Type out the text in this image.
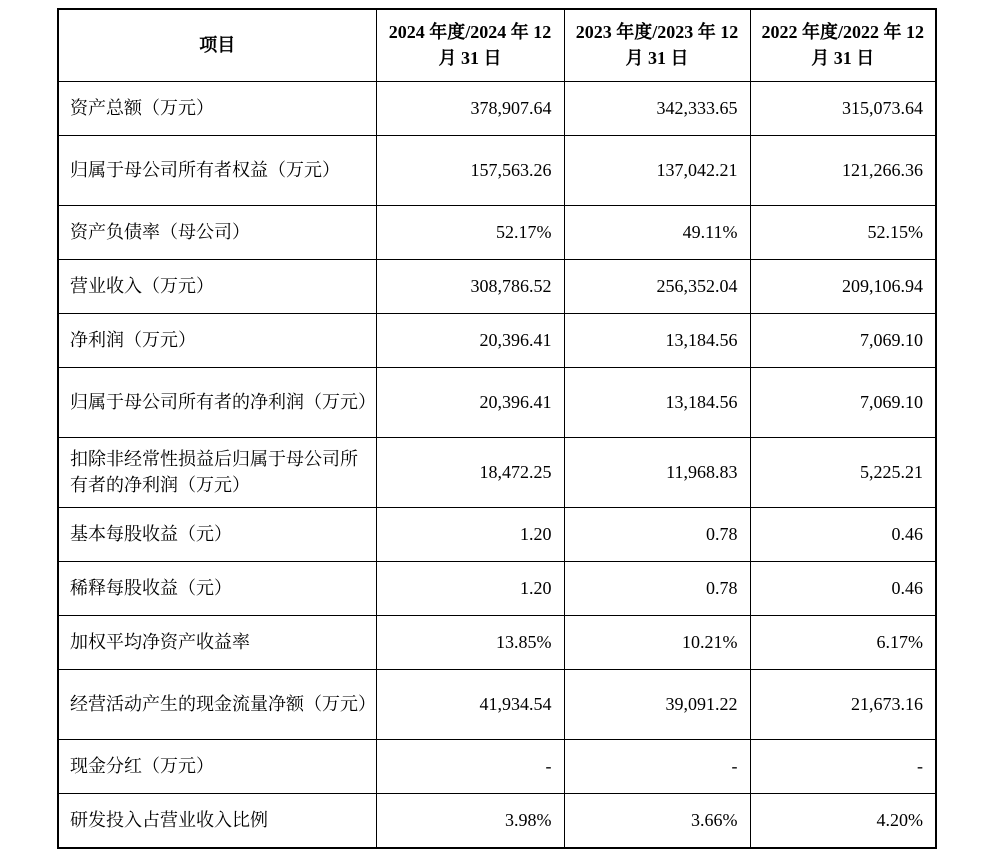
项目	2024 年度/2024 年 12 月 31 日	2023 年度/2023 年 12 月 31 日	2022 年度/2022 年 12 月 31 日
资产总额（万元）	378,907.64	342,333.65	315,073.64
归属于母公司所有者权益（万元）	157,563.26	137,042.21	121,266.36
资产负债率（母公司）	52.17%	49.11%	52.15%
营业收入（万元）	308,786.52	256,352.04	209,106.94
净利润（万元）	20,396.41	13,184.56	7,069.10
归属于母公司所有者的净利润（万元）	20,396.41	13,184.56	7,069.10
扣除非经常性损益后归属于母公司所有者的净利润（万元）	18,472.25	11,968.83	5,225.21
基本每股收益（元）	1.20	0.78	0.46
稀释每股收益（元）	1.20	0.78	0.46
加权平均净资产收益率	13.85%	10.21%	6.17%
经营活动产生的现金流量净额（万元）	41,934.54	39,091.22	21,673.16
现金分红（万元）	-	-	-
研发投入占营业收入比例	3.98%	3.66%	4.20%
